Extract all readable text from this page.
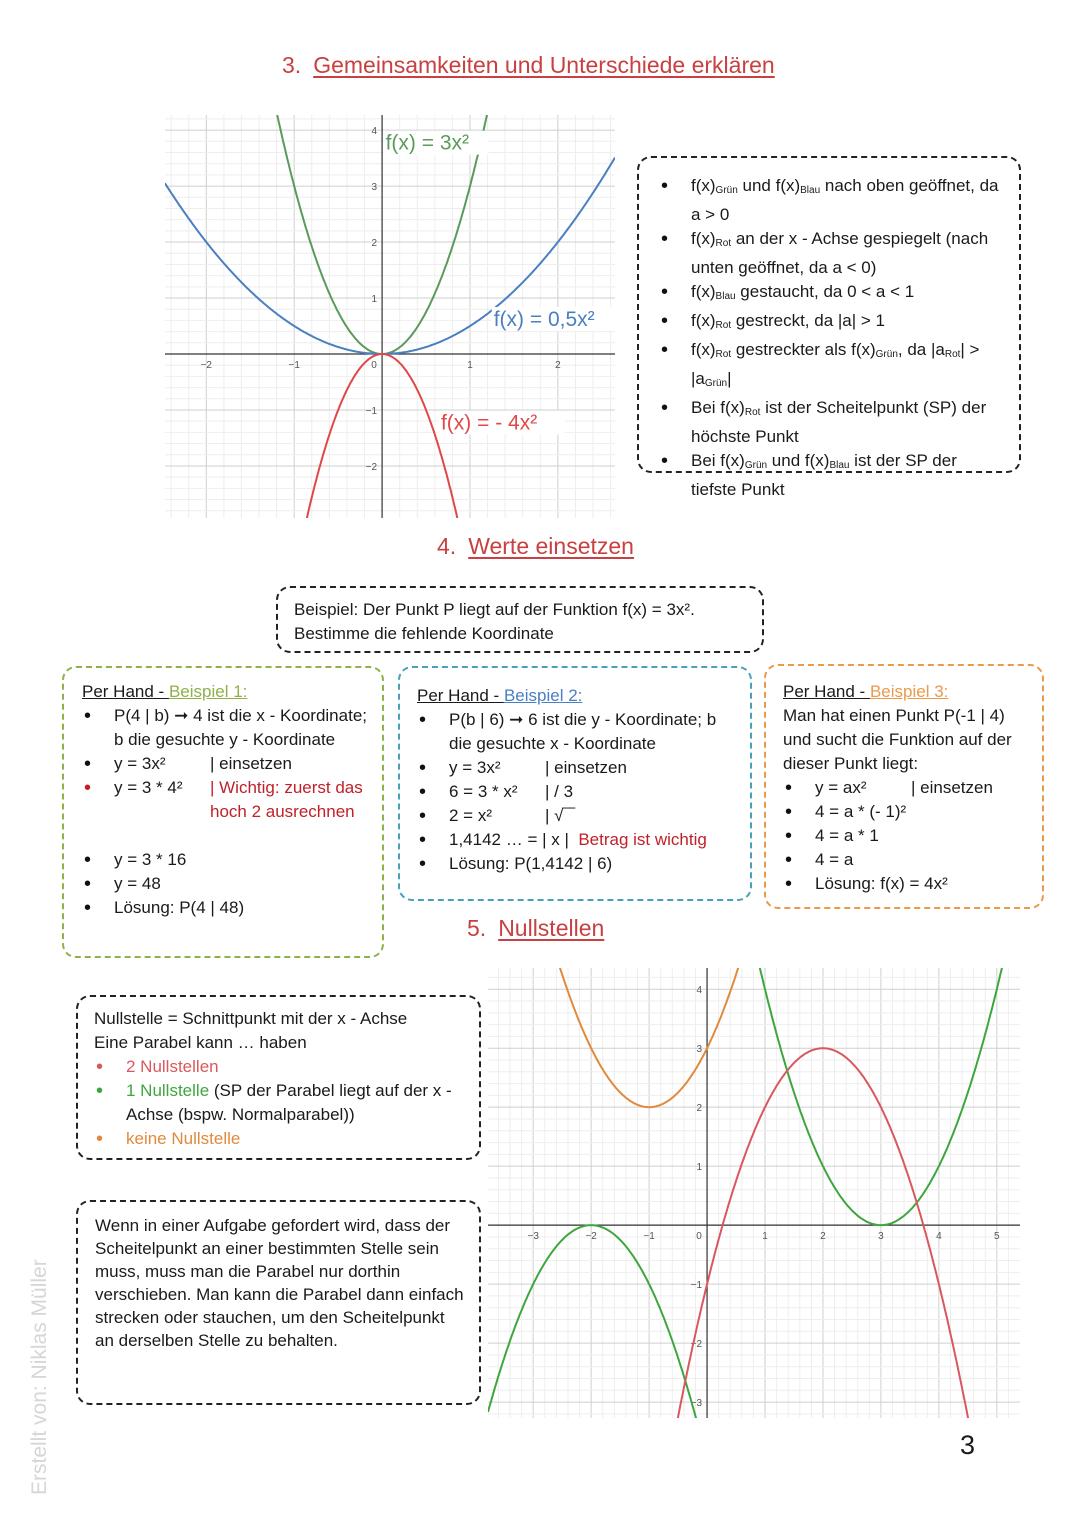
3. Gemeinsamkeiten und Unterschiede erklären
−2	−1	0	1	2
−2
−1
1
2
3
4
f(x) = 3x²
f(x) = 0,5x²
f(x) = - 4x²
• $f(x)_{Grün}$ und $f(x)_{Blau}$ nach oben geöffnet, da a > 0
• $f(x)_{Rot}$ an der x - Achse gespiegelt (nach unten geöffnet, da a < 0)
• $f(x)_{Blau}$ gestaucht, da 0 < a < 1
• $f(x)_{Rot}$ gestreckt, da |a| > 1
• $f(x)_{Rot}$ gestreckter als $f(x)_{Grün}$, da $|a_{Rot}| > |a_{Grün}|$
• Bei $f(x)_{Rot}$ ist der Scheitelpunkt (SP) der höchste Punkt
• Bei $f(x)_{Grün}$ und $f(x)_{Blau}$ ist der SP der tiefste Punkt
4. Werte einsetzen
Beispiel: Der Punkt P liegt auf der Funktion f(x) = 3x².
Bestimme die fehlende Koordinate
Per Hand - Beispiel 1:
• P(4 | b) ➞ 4 ist die x - Koordinate; b die gesuchte y - Koordinate
• y = 3x²	| einsetzen
• y = 3 * 4²	| Wichtig: zuerst das hoch 2 ausrechnen
• y = 3 * 16
• y = 48
• Lösung: P(4 | 48)
Per Hand - Beispiel 2:
• P(b | 6) ➞ 6 ist die y - Koordinate; b die gesuchte x - Koordinate
• y = 3x²	| einsetzen
• 6 = 3 * x² | / 3
• 2 = x²	| √‾‾
• 1,4142 … = | x |  Betrag ist wichtig
• Lösung: P(1,4142 | 6)
Per Hand - Beispiel 3:
Man hat einen Punkt P(-1 | 4) und sucht die Funktion auf der dieser Punkt liegt:
• y = ax²	| einsetzen
• 4 = a * (- 1)²
• 4 = a * 1
• 4 = a
• Lösung: f(x) = 4x²
5. Nullstellen
Nullstelle = Schnittpunkt mit der x - Achse
Eine Parabel kann … haben
• 2 Nullstellen
• 1 Nullstelle (SP der Parabel liegt auf der x - Achse (bspw. Normalparabel))
• keine Nullstelle
Wenn in einer Aufgabe gefordert wird, dass der Scheitelpunkt an einer bestimmten Stelle sein muss, muss man die Parabel nur dorthin verschieben. Man kann die Parabel dann einfach strecken oder stauchen, um den Scheitelpunkt an derselben Stelle zu behalten.
−3	−2	−1	0	1	2	3	4	5
−3
−2
−1
1
2
3
4
3
Erstellt von: Niklas Müller
